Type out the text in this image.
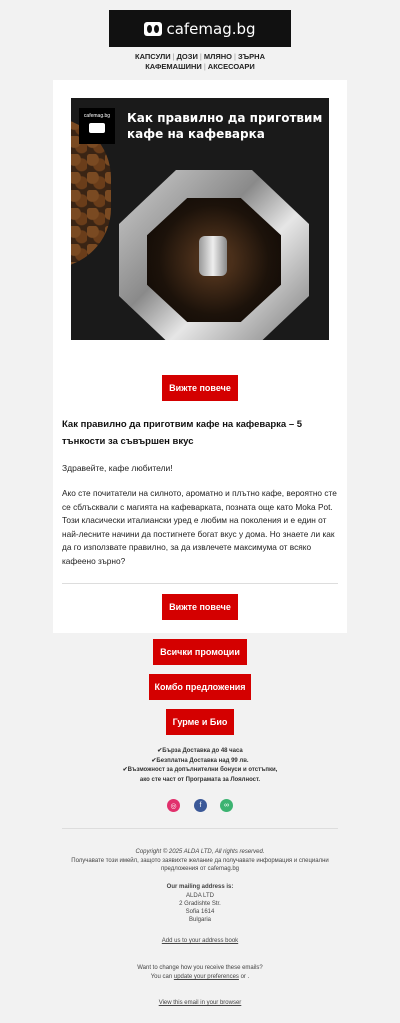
cafemag.bg
КАПСУЛИ | ДОЗИ | МЛЯНО | ЗЪРНА
КАФЕМАШИНИ | АКСЕСОАРИ
cafemag.bg	Как правилно да приготвим
кафе на кафеварка
Вижте повече
Как правилно да приготвим кафе на кафеварка – 5
тънкости за съвършен вкус
Здравейте, кафе любители!
Ако сте почитатели на силното, ароматно и плътно кафе, вероятно сте
се сблъсквали с магията на кафеварката, позната още като Moka Pot.
Този класически италиански уред е любим на поколения и е един от
най-лесните начини да постигнете богат вкус у дома. Но знаете ли как
да го използвате правилно, за да извлечете максимума от всяко
кафеено зърно?
Вижте повече
Всички промоции
Комбо предложения
Гурме и Био
✔Бърза Доставка до 48 часа
✔Безплатна Доставка над 99 лв.
✔Възможност за допълнителни бонуси и отстъпки,
ако сте част от Програмата за Лоялност.
◎	f	∞
Copyright © 2025 ALDA LTD, All rights reserved.
Получавате този имейл, защото заявихте желание да получавате информация и специални
предложения от cafemag.bg
Our mailing address is:
ALDA LTD
2 Gradishte Str.
Sofia 1614
Bulgaria
Add us to your address book
Want to change how you receive these emails?
You can update your preferences or .
View this email in your browser
